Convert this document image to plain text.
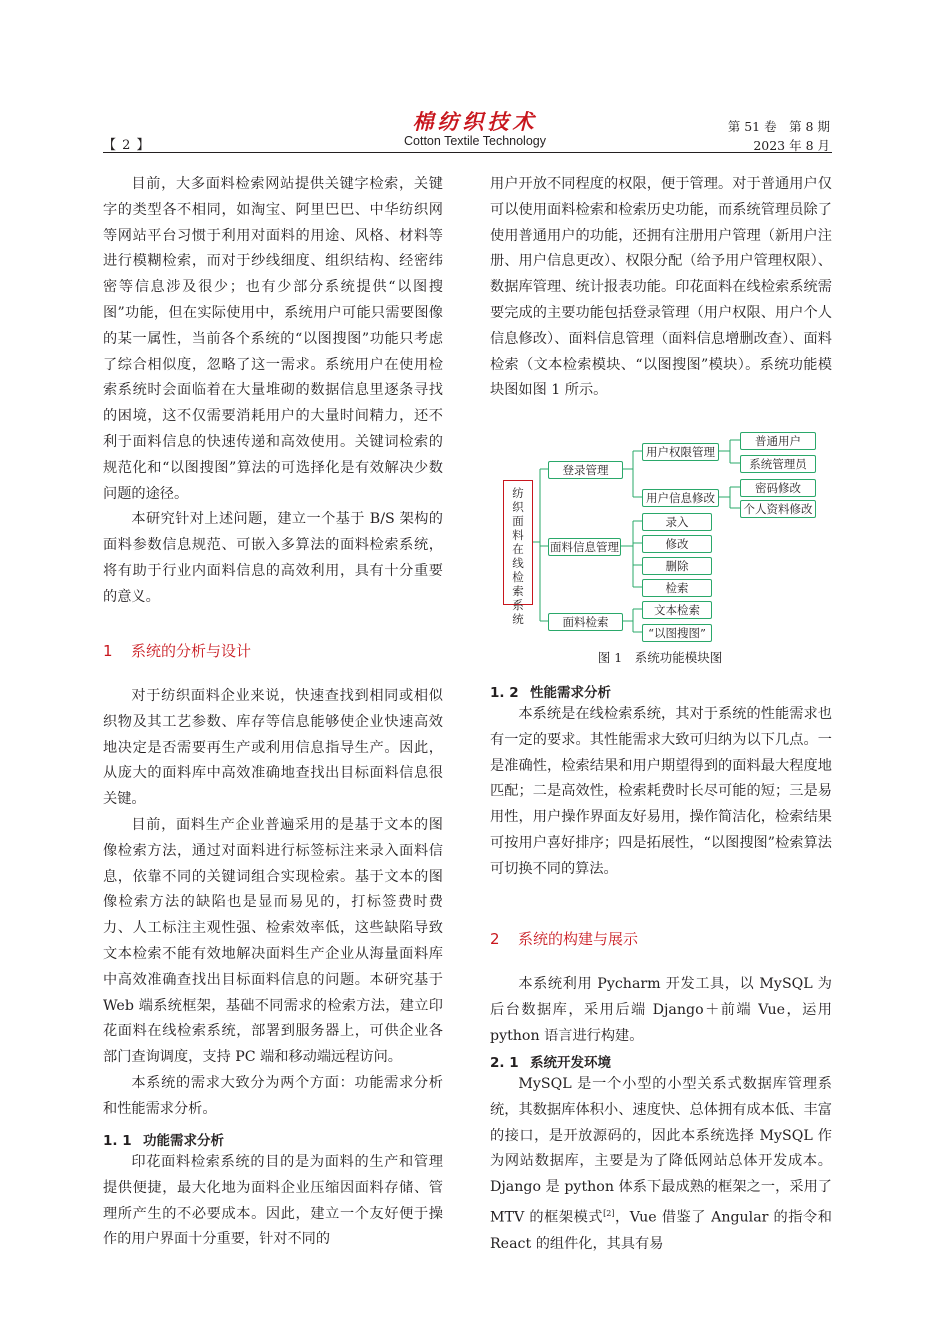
【 2 】
棉纺织技术
Cotton Textile Technology
第 51 卷　第 8 期
2023 年 8 月

目前，大多面料检索网站提供关键字检索，关键字的类型各不相同，如淘宝、阿里巴巴、中华纺织网等网站平台习惯于利用对面料的用途、风格、材料等进行模糊检索，而对于纱线细度、组织结构、经密纬密等信息涉及很少；也有少部分系统提供“以图搜图”功能，但在实际使用中，系统用户可能只需要图像的某一属性，当前各个系统的“以图搜图”功能只考虑了综合相似度，忽略了这一需求。系统用户在使用检索系统时会面临着在大量堆砌的数据信息里逐条寻找的困境，这不仅需要消耗用户的大量时间精力，还不利于面料信息的快速传递和高效使用。关键词检索的规范化和“以图搜图”算法的可选择化是有效解决少数问题的途径。

本研究针对上述问题，建立一个基于 B/S 架构的面料参数信息规范、可嵌入多算法的面料检索系统，将有助于行业内面料信息的高效利用，具有十分重要的意义。

1 系统的分析与设计

对于纺织面料企业来说，快速查找到相同或相似织物及其工艺参数、库存等信息能够使企业快速高效地决定是否需要再生产或利用信息指导生产。因此，从庞大的面料库中高效准确地查找出目标面料信息很关键。

目前，面料生产企业普遍采用的是基于文本的图像检索方法，通过对面料进行标签标注来录入面料信息，依靠不同的关键词组合实现检索。基于文本的图像检索方法的缺陷也是显而易见的，打标签费时费力、人工标注主观性强、检索效率低，这些缺陷导致文本检索不能有效地解决面料生产企业从海量面料库中高效准确查找出目标面料信息的问题。本研究基于 Web 端系统框架，基础不同需求的检索方法，建立印花面料在线检索系统，部署到服务器上，可供企业各部门查询调度，支持 PC 端和移动端远程访问。

本系统的需求大致分为两个方面：功能需求分析和性能需求分析。

1. 1 功能需求分析

印花面料检索系统的目的是为面料的生产和管理提供便捷，最大化地为面料企业压缩因面料存储、管理所产生的不必要成本。因此，建立一个友好便于操作的用户界面十分重要，针对不同的

用户开放不同程度的权限，便于管理。对于普通用户仅可以使用面料检索和检索历史功能，而系统管理员除了使用普通用户的功能，还拥有注册用户管理（新用户注册、用户信息更改）、权限分配（给予用户管理权限）、数据库管理、统计报表功能。印花面料在线检索系统需要完成的主要功能包括登录管理（用户权限、用户个人信息修改）、面料信息管理（面料信息增删改查）、面料检索（文本检索模块、“以图搜图”模块）。系统功能模块图如图 1 所示。

纺织面料在线检索系统
登录管理
用户权限管理
普通用户
系统管理员
用户信息修改
密码修改
个人资料修改
面料信息管理
录入
修改
删除
检索
面料检索
文本检索
“以图搜图”
图 1　系统功能模块图
1. 2 性能需求分析

本系统是在线检索系统，其对于系统的性能需求也有一定的要求。其性能需求大致可归纳为以下几点。一是准确性，检索结果和用户期望得到的面料最大程度地匹配；二是高效性，检索耗费时长尽可能的短；三是易用性，用户操作界面友好易用，操作简洁化，检索结果可按用户喜好排序；四是拓展性，“以图搜图”检索算法可切换不同的算法。

2 系统的构建与展示

本系统利用 Pycharm 开发工具，以 MySQL 为后台数据库，采用后端 Django＋前端 Vue，运用 python 语言进行构建。

2. 1 系统开发环境

MySQL 是一个小型的小型关系式数据库管理系统，其数据库体积小、速度快、总体拥有成本低、丰富的接口，是开放源码的，因此本系统选择 MySQL 作为网站数据库，主要是为了降低网站总体开发成本。Django 是 python 体系下最成熟的框架之一，采用了 MTV 的框架模式[2]，Vue 借鉴了 Angular 的指令和 React 的组件化，其具有易
